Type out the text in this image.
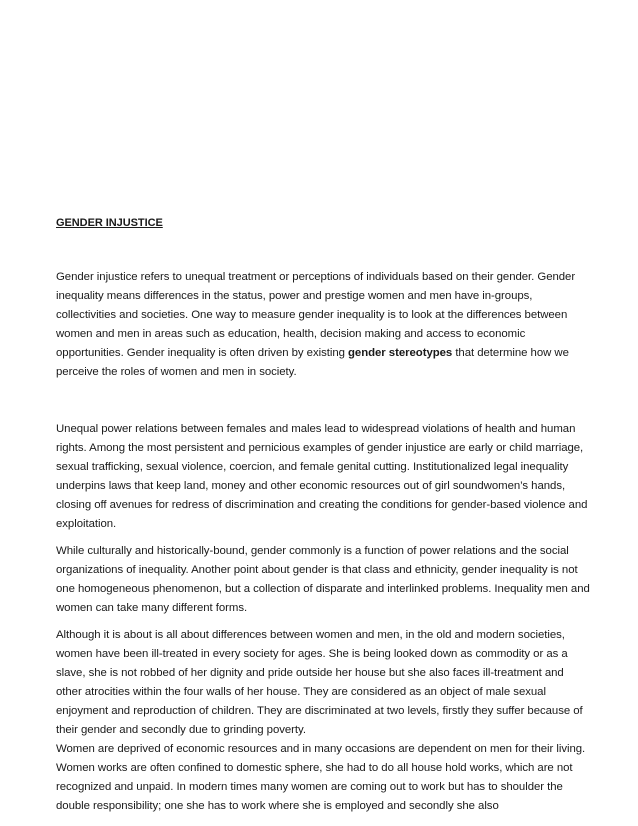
GENDER INJUSTICE

Gender injustice refers to unequal treatment or perceptions of individuals based on their gender. Gender inequality means differences in the status, power and prestige women and men have in-groups, collectivities and societies. One way to measure gender inequality is to look at the differences between women and men in areas such as education, health, decision making and access to economic opportunities. Gender inequality is often driven by existing gender stereotypes that determine how we perceive the roles of women and men in society.

Unequal power relations between females and males lead to widespread violations of health and human rights. Among the most persistent and pernicious examples of gender injustice are early or child marriage, sexual trafficking, sexual violence, coercion, and female genital cutting. Institutionalized legal inequality underpins laws that keep land, money and other economic resources out of girl soundwomen’s hands, closing off avenues for redress of discrimination and creating the conditions for gender-based violence and exploitation.

While culturally and historically-bound, gender commonly is a function of power relations and the social organizations of inequality. Another point about gender is that class and ethnicity, gender inequality is not one homogeneous phenomenon, but a collection of disparate and interlinked problems. Inequality men and women can take many different forms.

Although it is about is all about differences between women and men, in the old and modern societies, women have been ill-treated in every society for ages. She is being looked down as commodity or as a slave, she is not robbed of her dignity and pride outside her house but she also faces ill-treatment and other atrocities within the four walls of her house. They are considered as an object of male sexual enjoyment and reproduction of children. They are discriminated at two levels, firstly they suffer because of their gender and secondly due to grinding poverty.

Women are deprived of economic resources and in many occasions are dependent on men for their living. Women works are often confined to domestic sphere, she had to do all house hold works, which are not recognized and unpaid. In modern times many women are coming out to work but has to shoulder the double responsibility; one she has to work where she is employed and secondly she also
